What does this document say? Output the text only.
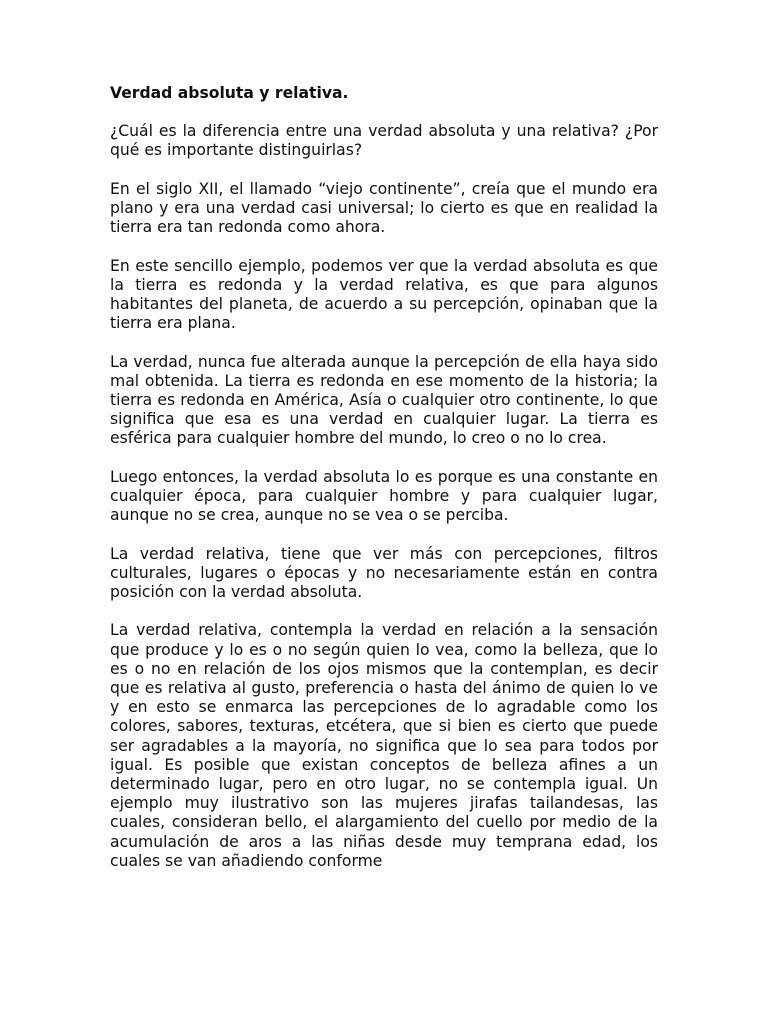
Verdad absoluta y relativa.

¿Cuál es la diferencia entre una verdad absoluta y una relativa? ¿Por qué es importante distinguirlas?

En el siglo XII, el llamado “viejo continente”, creía que el mundo era plano y era una verdad casi universal; lo cierto es que en realidad la tierra era tan redonda como ahora.

En este sencillo ejemplo, podemos ver que la verdad absoluta es que la tierra es redonda y la verdad relativa, es que para algunos habitantes del planeta, de acuerdo a su percepción, opinaban que la tierra era plana.

La verdad, nunca fue alterada aunque la percepción de ella haya sido mal obtenida. La tierra es redonda en ese momento de la historia; la tierra es redonda en América, Asía o cualquier otro continente, lo que significa que esa es una verdad en cualquier lugar. La tierra es esférica para cualquier hombre del mundo, lo creo o no lo crea.

Luego entonces, la verdad absoluta lo es porque es una constante en cualquier época, para cualquier hombre y para cualquier lugar, aunque no se crea, aunque no se vea o se perciba.

La verdad relativa, tiene que ver más con percepciones, filtros culturales, lugares o épocas y no necesariamente están en contra posición con la verdad absoluta.

La verdad relativa, contempla la verdad en relación a la sensación que produce y lo es o no según quien lo vea, como la belleza, que lo es o no en relación de los ojos mismos que la contemplan, es decir que es relativa al gusto, preferencia o hasta del ánimo de quien lo ve y en esto se enmarca las percepciones de lo agradable como los colores, sabores, texturas, etcétera, que si bien es cierto que puede ser agradables a la mayoría, no significa que lo sea para todos por igual. Es posible que existan conceptos de belleza afines a un determinado lugar, pero en otro lugar, no se contempla igual. Un ejemplo muy ilustrativo son las mujeres jirafas tailandesas, las cuales, consideran bello, el alargamiento del cuello por medio de la acumulación de aros a las niñas desde muy temprana edad, los cuales se van añadiendo conforme
